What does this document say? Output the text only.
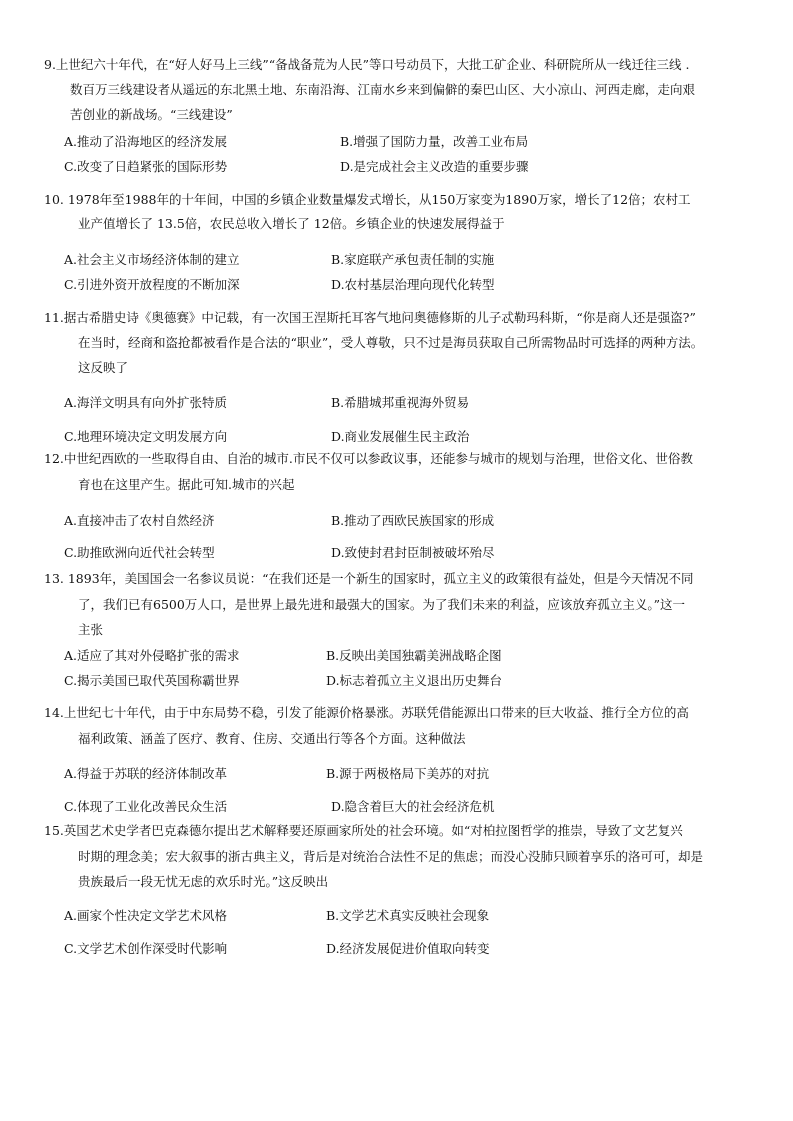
9.上世纪六十年代，在“好人好马上三线”“备战备荒为人民”等口号动员下，大批工矿企业、科研院所从一线迁往三线 .
数百万三线建设者从遥远的东北黑土地、东南沿海、江南水乡来到偏僻的秦巴山区、大小凉山、河西走廊，走向艰
苦创业的新战场。“三线建设”
A.推动了沿海地区的经济发展	B.增强了国防力量，改善工业布局
C.改变了日趋紧张的国际形势	D.是完成社会主义改造的重要步骤
10. 1978年至1988年的十年间，中国的乡镇企业数量爆发式增长，从150万家变为1890万家，增长了12倍；农村工
业产值增长了 13.5倍，农民总收入增长了 12倍。乡镇企业的快速发展得益于
A.社会主义市场经济体制的建立	B.家庭联产承包责任制的实施
C.引进外资开放程度的不断加深	D.农村基层治理向现代化转型
11.据古希腊史诗《奥德赛》中记载，有一次国王涅斯托耳客气地问奥德修斯的儿子忒勒玛科斯，“你是商人还是强盗?”
在当时，经商和盗抢都被看作是合法的“职业”，受人尊敬，只不过是海员获取自己所需物品时可选择的两种方法。
这反映了
A.海洋文明具有向外扩张特质	B.希腊城邦重视海外贸易
C.地理环境决定文明发展方向	D.商业发展催生民主政治
12.中世纪西欧的一些取得自由、自治的城市.市民不仅可以参政议事，还能参与城市的规划与治理，世俗文化、世俗教
育也在这里产生。据此可知.城市的兴起
A.直接冲击了农村自然经济	B.推动了西欧民族国家的形成
C.助推欧洲向近代社会转型	D.致使封君封臣制被破坏殆尽
13. 1893年，美国国会一名参议员说：“在我们还是一个新生的国家时，孤立主义的政策很有益处，但是今天情况不同
了，我们已有6500万人口，是世界上最先进和最强大的国家。为了我们未来的利益，应该放弃孤立主义。”这一
主张
A.适应了其对外侵略扩张的需求	B.反映出美国独霸美洲战略企图
C.揭示美国已取代英国称霸世界	D.标志着孤立主义退出历史舞台
14.上世纪七十年代，由于中东局势不稳，引发了能源价格暴涨。苏联凭借能源出口带来的巨大收益、推行全方位的高
福利政策、涵盖了医疗、教育、住房、交通出行等各个方面。这种做法
A.得益于苏联的经济体制改革	B.源于两极格局下美苏的对抗
C.体现了工业化改善民众生活	D.隐含着巨大的社会经济危机
15.英国艺术史学者巴克森德尔提出艺术解释要还原画家所处的社会环境。如“对柏拉图哲学的推崇，导致了文艺复兴
时期的理念美；宏大叙事的浙古典主义，背后是对统治合法性不足的焦虑；而没心没肺只顾着享乐的洛可可，却是
贵族最后一段无忧无虑的欢乐时光。”这反映出
A.画家个性决定文学艺术风格	B.文学艺术真实反映社会现象
C.文学艺术创作深受时代影响	D.经济发展促进价值取向转变
